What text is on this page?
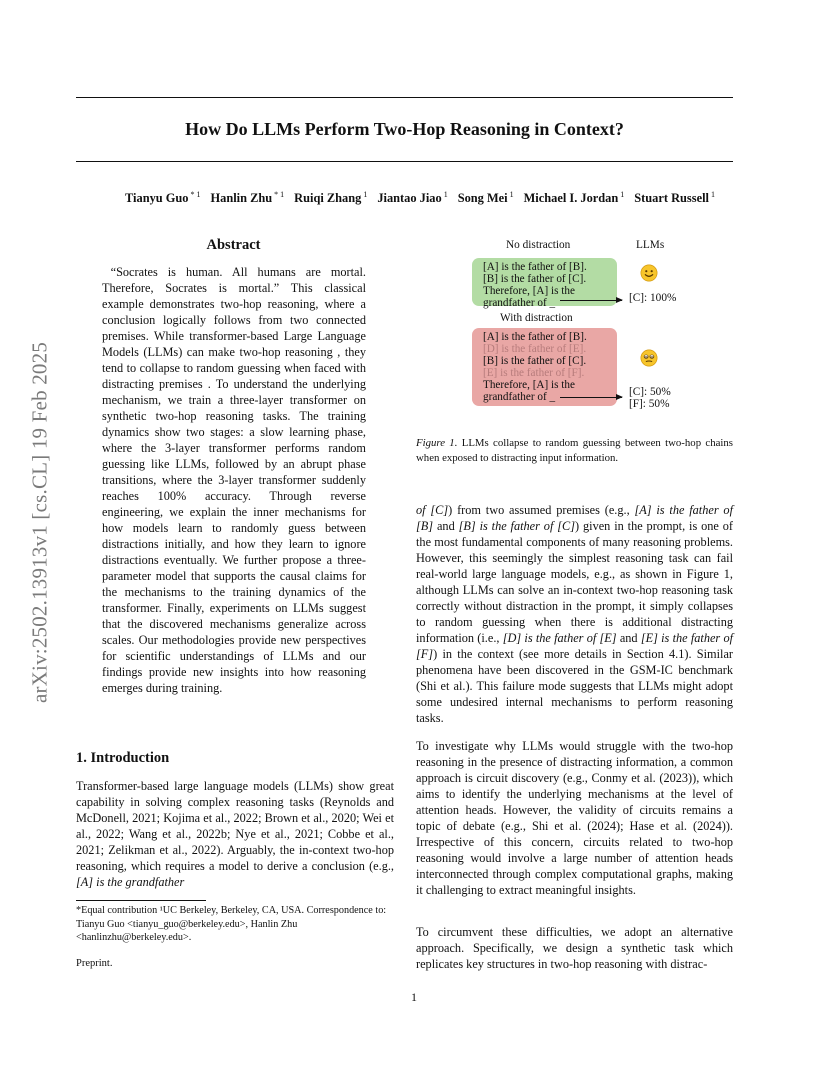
How Do LLMs Perform Two-Hop Reasoning in Context?
Tianyu Guo $^{* 1}$ Hanlin Zhu $^{* 1}$ Ruiqi Zhang $^1$ Jiantao Jiao $^1$ Song Mei $^1$ Michael I. Jordan $^1$ Stuart Russell $^1$
arXiv:2502.13913v1 [cs.CL] 19 Feb 2025
Abstract

“Socrates is human. All humans are mortal. Therefore, Socrates is mortal.” This classical example demonstrates two-hop reasoning, where a conclusion logically follows from two connected premises. While transformer-based Large Language Models (LLMs) can make two-hop reasoning , they tend to collapse to random guessing when faced with distracting premises . To understand the underlying mechanism, we train a three-layer transformer on synthetic two-hop reasoning tasks. The training dynamics show two stages: a slow learning phase, where the 3-layer transformer performs random guessing like LLMs, followed by an abrupt phase transitions, where the 3-layer transformer suddenly reaches 100% accuracy. Through reverse engineering, we explain the inner mechanisms for how models learn to randomly guess between distractions initially, and how they learn to ignore distractions eventually. We further propose a three-parameter model that supports the causal claims for the mechanisms to the training dynamics of the transformer. Finally, experiments on LLMs suggest that the discovered mechanisms generalize across scales. Our methodologies provide new perspectives for scientific understandings of LLMs and our findings provide new insights into how reasoning emerges during training.

1. Introduction

Transformer-based large language models (LLMs) show great capability in solving complex reasoning tasks (Reynolds and McDonell, 2021; Kojima et al., 2022; Brown et al., 2020; Wei et al., 2022; Wang et al., 2022b; Nye et al., 2021; Cobbe et al., 2021; Zelikman et al., 2022). Arguably, the in-context two-hop reasoning, which requires a model to derive a conclusion (e.g., [A] is the grandfather

*Equal contribution ¹UC Berkeley, Berkeley, CA, USA. Correspondence to: Tianyu Guo <tianyu_guo@berkeley.edu>, Hanlin Zhu <hanlinzhu@berkeley.edu>.

Preprint.

No distraction	LLMs
[A] is the father of [B].
[B] is the father of [C].
Therefore, [A] is the
grandfather of _	[C]: 100%
With distraction
[A] is the father of [B].
[D] is the father of [E].
[B] is the father of [C].
[E] is the father of [F].
Therefore, [A] is the
grandfather of _	[C]: 50%
[F]: 50%

Figure 1. LLMs collapse to random guessing between two-hop chains when exposed to distracting input information.

of [C]) from two assumed premises (e.g., [A] is the father of [B] and [B] is the father of [C]) given in the prompt, is one of the most fundamental components of many reasoning problems. However, this seemingly the simplest reasoning task can fail real-world large language models, e.g., as shown in Figure 1, although LLMs can solve an in-context two-hop reasoning task correctly without distraction in the prompt, it simply collapses to random guessing when there is additional distracting information (i.e., [D] is the father of [E] and [E] is the father of [F]) in the context (see more details in Section 4.1). Similar phenomena have been discovered in the GSM-IC benchmark (Shi et al.). This failure mode suggests that LLMs might adopt some undesired internal mechanisms to perform reasoning tasks.

To investigate why LLMs would struggle with the two-hop reasoning in the presence of distracting information, a common approach is circuit discovery (e.g., Conmy et al. (2023)), which aims to identify the underlying mechanisms at the level of attention heads. However, the validity of circuits remains a topic of debate (e.g., Shi et al. (2024); Hase et al. (2024)). Irrespective of this concern, circuits related to two-hop reasoning would involve a large number of attention heads interconnected through complex computational graphs, making it challenging to extract meaningful insights.

To circumvent these difficulties, we adopt an alternative approach. Specifically, we design a synthetic task which replicates key structures in two-hop reasoning with distrac-

1
